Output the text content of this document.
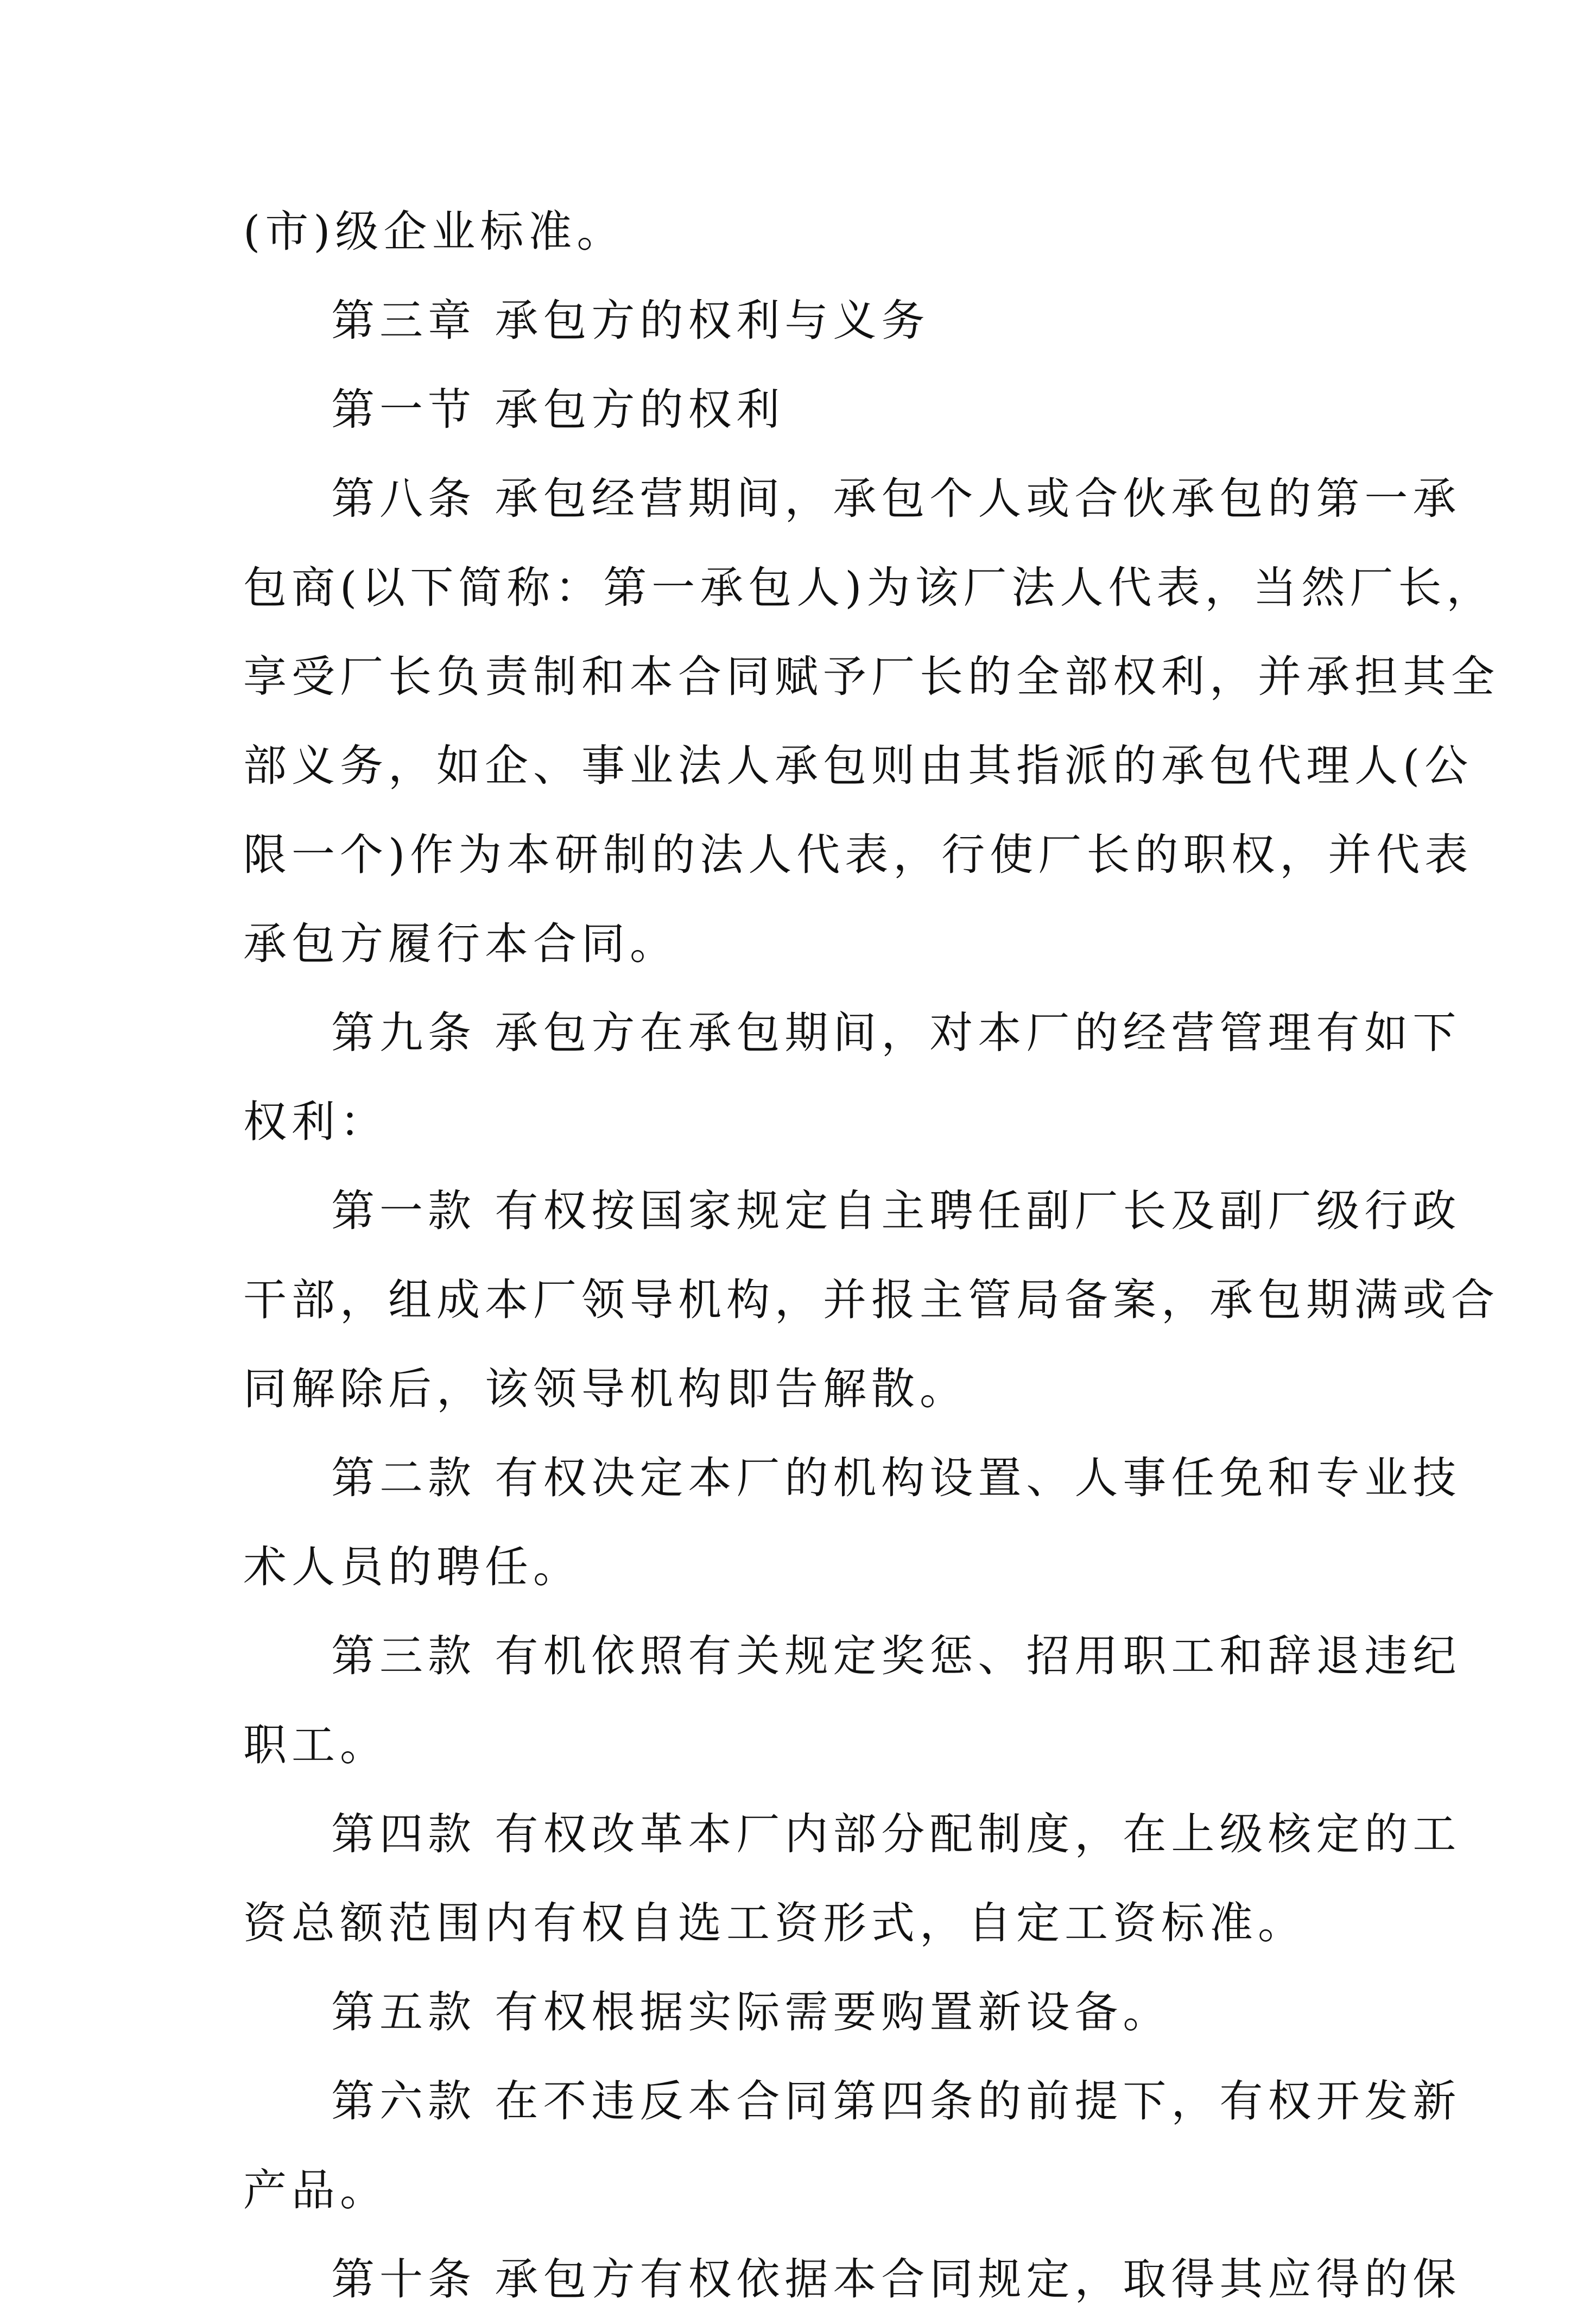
(市)级企业标准。
第三章 承包方的权利与义务
第一节 承包方的权利
第八条 承包经营期间，承包个人或合伙承包的第一承
包商(以下简称：第一承包人)为该厂法人代表，当然厂长，
享受厂长负责制和本合同赋予厂长的全部权利，并承担其全
部义务，如企、事业法人承包则由其指派的承包代理人(公
限一个)作为本研制的法人代表，行使厂长的职权，并代表
承包方履行本合同。
第九条 承包方在承包期间，对本厂的经营管理有如下
权利：
第一款 有权按国家规定自主聘任副厂长及副厂级行政
干部，组成本厂领导机构，并报主管局备案，承包期满或合
同解除后，该领导机构即告解散。
第二款 有权决定本厂的机构设置、人事任免和专业技
术人员的聘任。
第三款 有机依照有关规定奖惩、招用职工和辞退违纪
职工。
第四款 有权改革本厂内部分配制度，在上级核定的工
资总额范围内有权自选工资形式，自定工资标准。
第五款 有权根据实际需要购置新设备。
第六款 在不违反本合同第四条的前提下，有权开发新
产品。
第十条 承包方有权依据本合同规定，取得其应得的保
